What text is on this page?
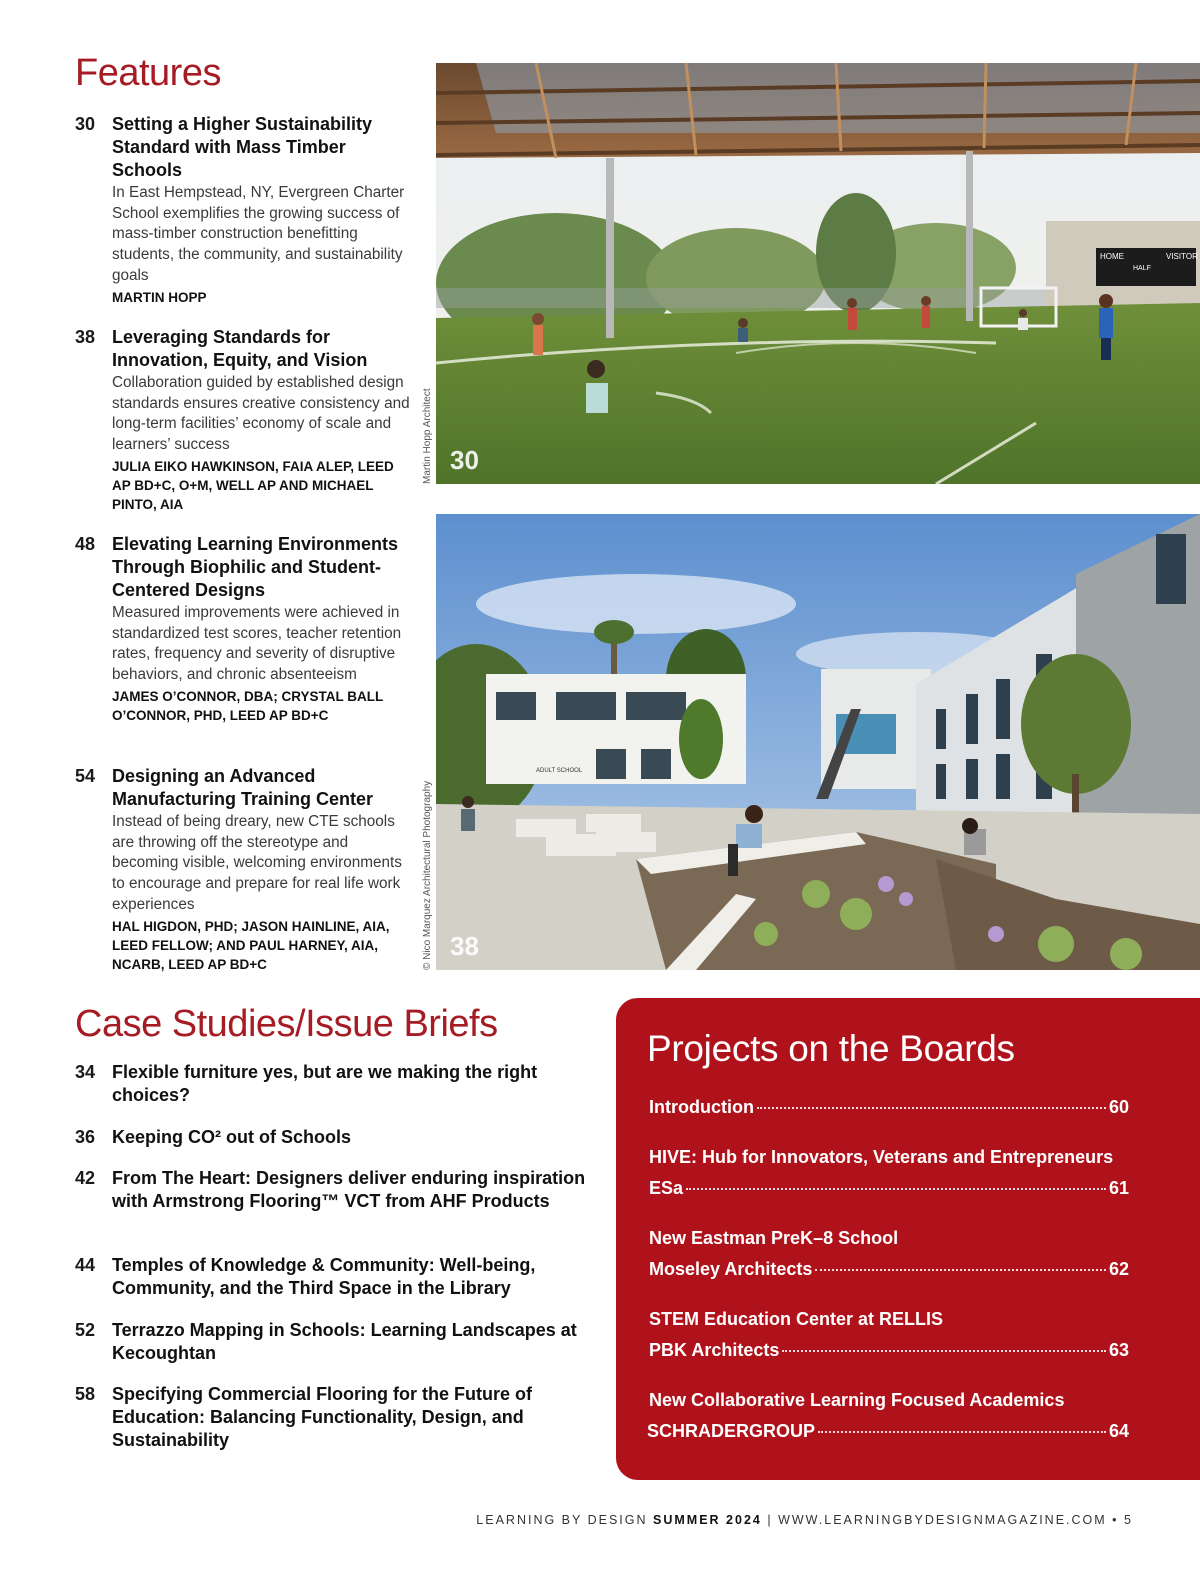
Features
30 Setting a Higher Sustainability Standard with Mass Timber Schools
In East Hempstead, NY, Evergreen Charter School exemplifies the growing success of mass-timber construction benefitting students, the community, and sustainability goals
MARTIN HOPP
38 Leveraging Standards for Innovation, Equity, and Vision
Collaboration guided by established design standards ensures creative consistency and long-term facilities’ economy of scale and learners’ success
JULIA EIKO HAWKINSON, FAIA ALEP, LEED AP BD+C, O+M, WELL AP AND MICHAEL PINTO, AIA
48 Elevating Learning Environments Through Biophilic and Student-Centered Designs
Measured improvements were achieved in standardized test scores, teacher retention rates, frequency and severity of disruptive behaviors, and chronic absenteeism
JAMES O’CONNOR, DBA; CRYSTAL BALL O’CONNOR, PHD, LEED AP BD+C
54 Designing an Advanced Manufacturing Training Center
Instead of being dreary, new CTE schools are throwing off the stereotype and becoming visible, welcoming environments to encourage and prepare for real life work experiences
HAL HIGDON, PHD; JASON HAINLINE, AIA, LEED FELLOW; AND PAUL HARNEY, AIA, NCARB, LEED AP BD+C
HOME	VISITOR
HALF
30
Martin Hopp Architect
ADULT SCHOOL
38
© Nico Marquez Architectural Photography
Case Studies/Issue Briefs
34 Flexible furniture yes, but are we making the right choices?
36 Keeping CO² out of Schools
42 From The Heart: Designers deliver enduring inspiration with Armstrong Flooring™ VCT from AHF Products
44 Temples of Knowledge & Community: Well-being, Community, and the Third Space in the Library
52 Terrazzo Mapping in Schools: Learning Landscapes at Kecoughtan
58 Specifying Commercial Flooring for the Future of Education: Balancing Functionality, Design, and Sustainability
Projects on the Boards
Introduction	60
HIVE: Hub for Innovators, Veterans and Entrepreneurs
ESa	61
New Eastman PreK–8 School
Moseley Architects	62
STEM Education Center at RELLIS
PBK Architects	63
New Collaborative Learning Focused Academics
SCHRADERGROUP	64
LEARNING BY DESIGN SUMMER 2024 | WWW.LEARNINGBYDESIGNMAGAZINE.COM • 5
